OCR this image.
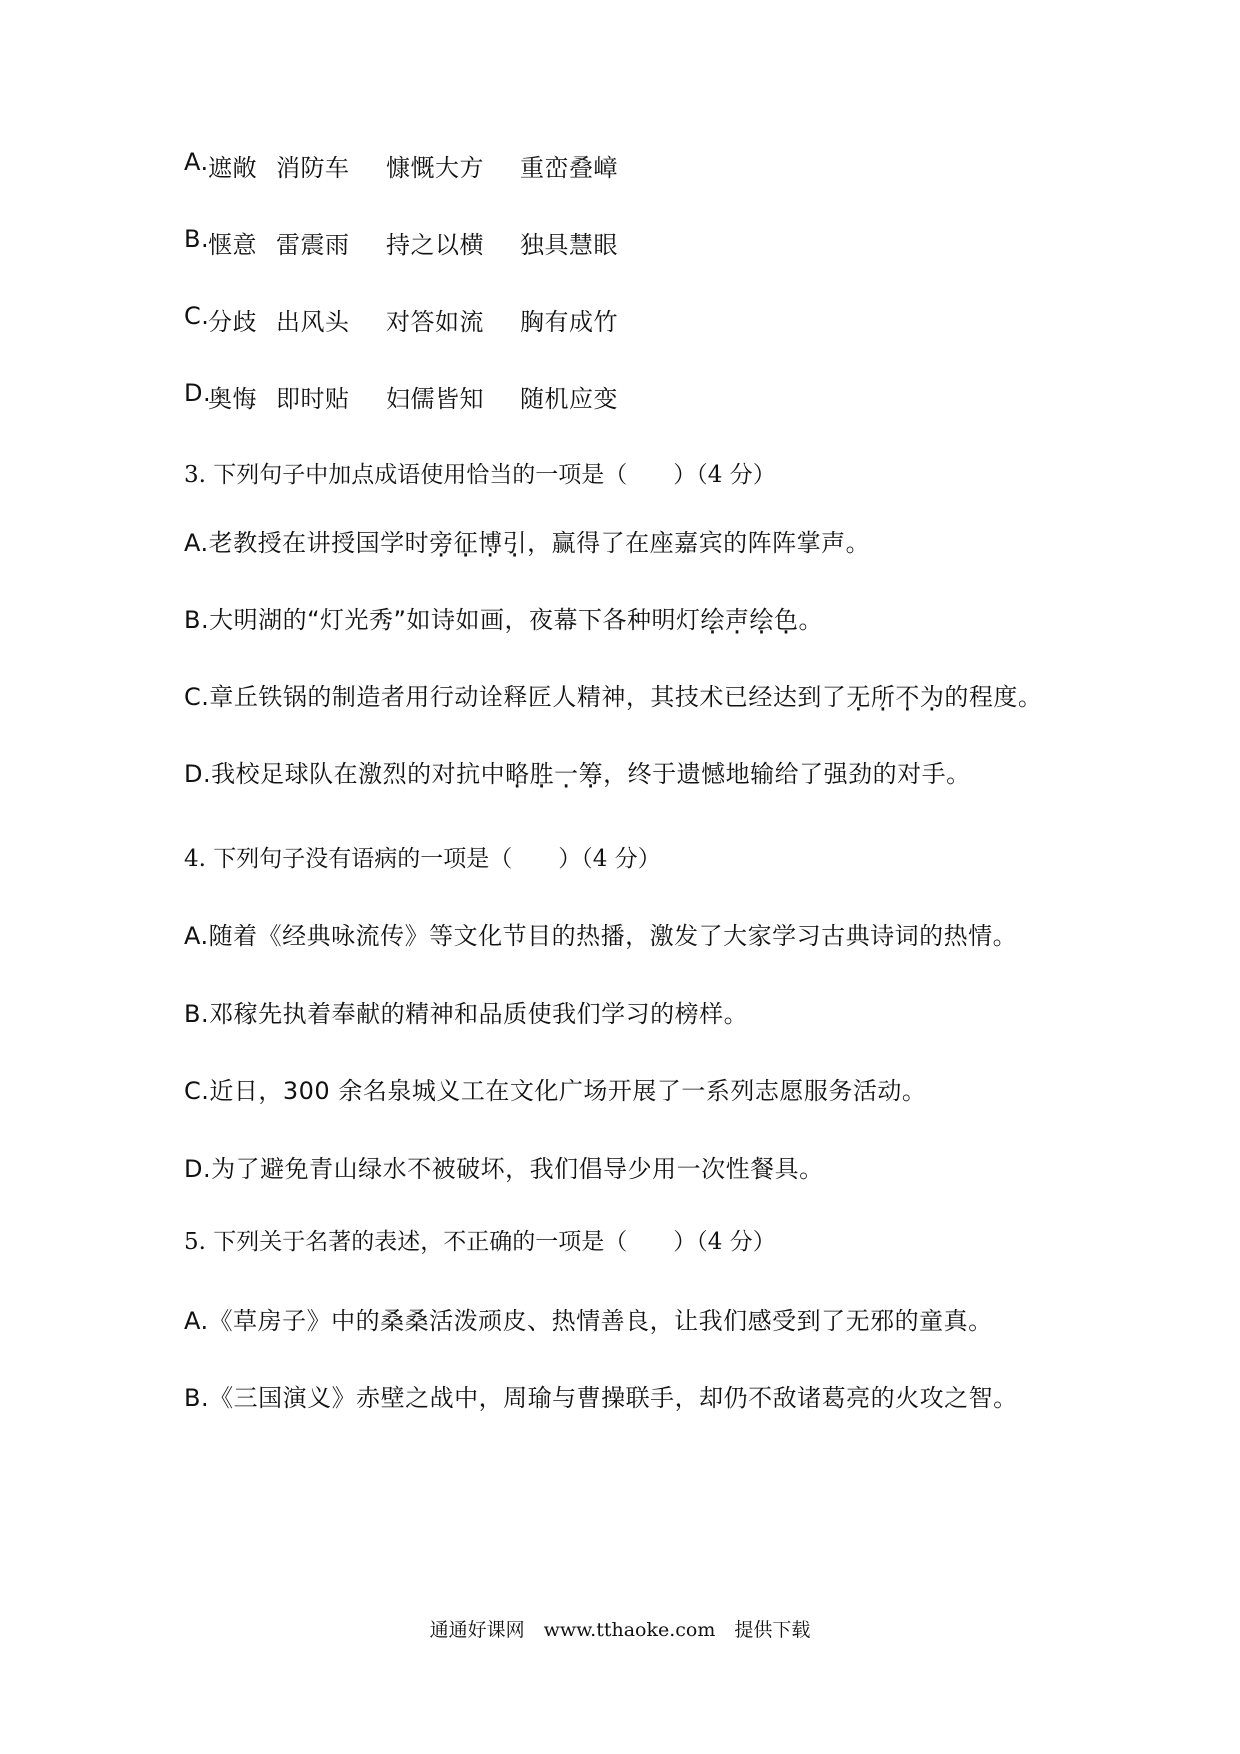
A. 遮敞 消防车 慷慨大方 重峦叠嶂
B.
惬意 雷震雨 持之以横 独具慧眼
C.
分歧 出风头 对答如流 胸有成竹
D.
奥悔 即时贴 妇儒皆知 随机应变
3. 下列句子中加点成语使用恰当的一项是（　　）（4 分）
A.老教授在讲授国学时旁征博引，赢得了在座嘉宾的阵阵掌声。
B.大明湖的“灯光秀”如诗如画，夜幕下各种明灯绘声绘色。
C.章丘铁锅的制造者用行动诠释匠人精神，其技术已经达到了无所不为的程度。
D.我校足球队在激烈的对抗中略胜一筹，终于遗憾地输给了强劲的对手。
4. 下列句子没有语病的一项是（　　）（4 分）
A.随着《经典咏流传》等文化节目的热播，激发了大家学习古典诗词的热情。
B.邓稼先执着奉献的精神和品质使我们学习的榜样。
C.近日，300 余名泉城义工在文化广场开展了一系列志愿服务活动。
D.为了避免青山绿水不被破坏，我们倡导少用一次性餐具。
5. 下列关于名著的表述，不正确的一项是（　　）（4 分）
A.《草房子》中的桑桑活泼顽皮、热情善良，让我们感受到了无邪的童真。
B.《三国演义》赤壁之战中，周瑜与曹操联手，却仍不敌诸葛亮的火攻之智。
通通好课网　www.tthaoke.com　提供下载
